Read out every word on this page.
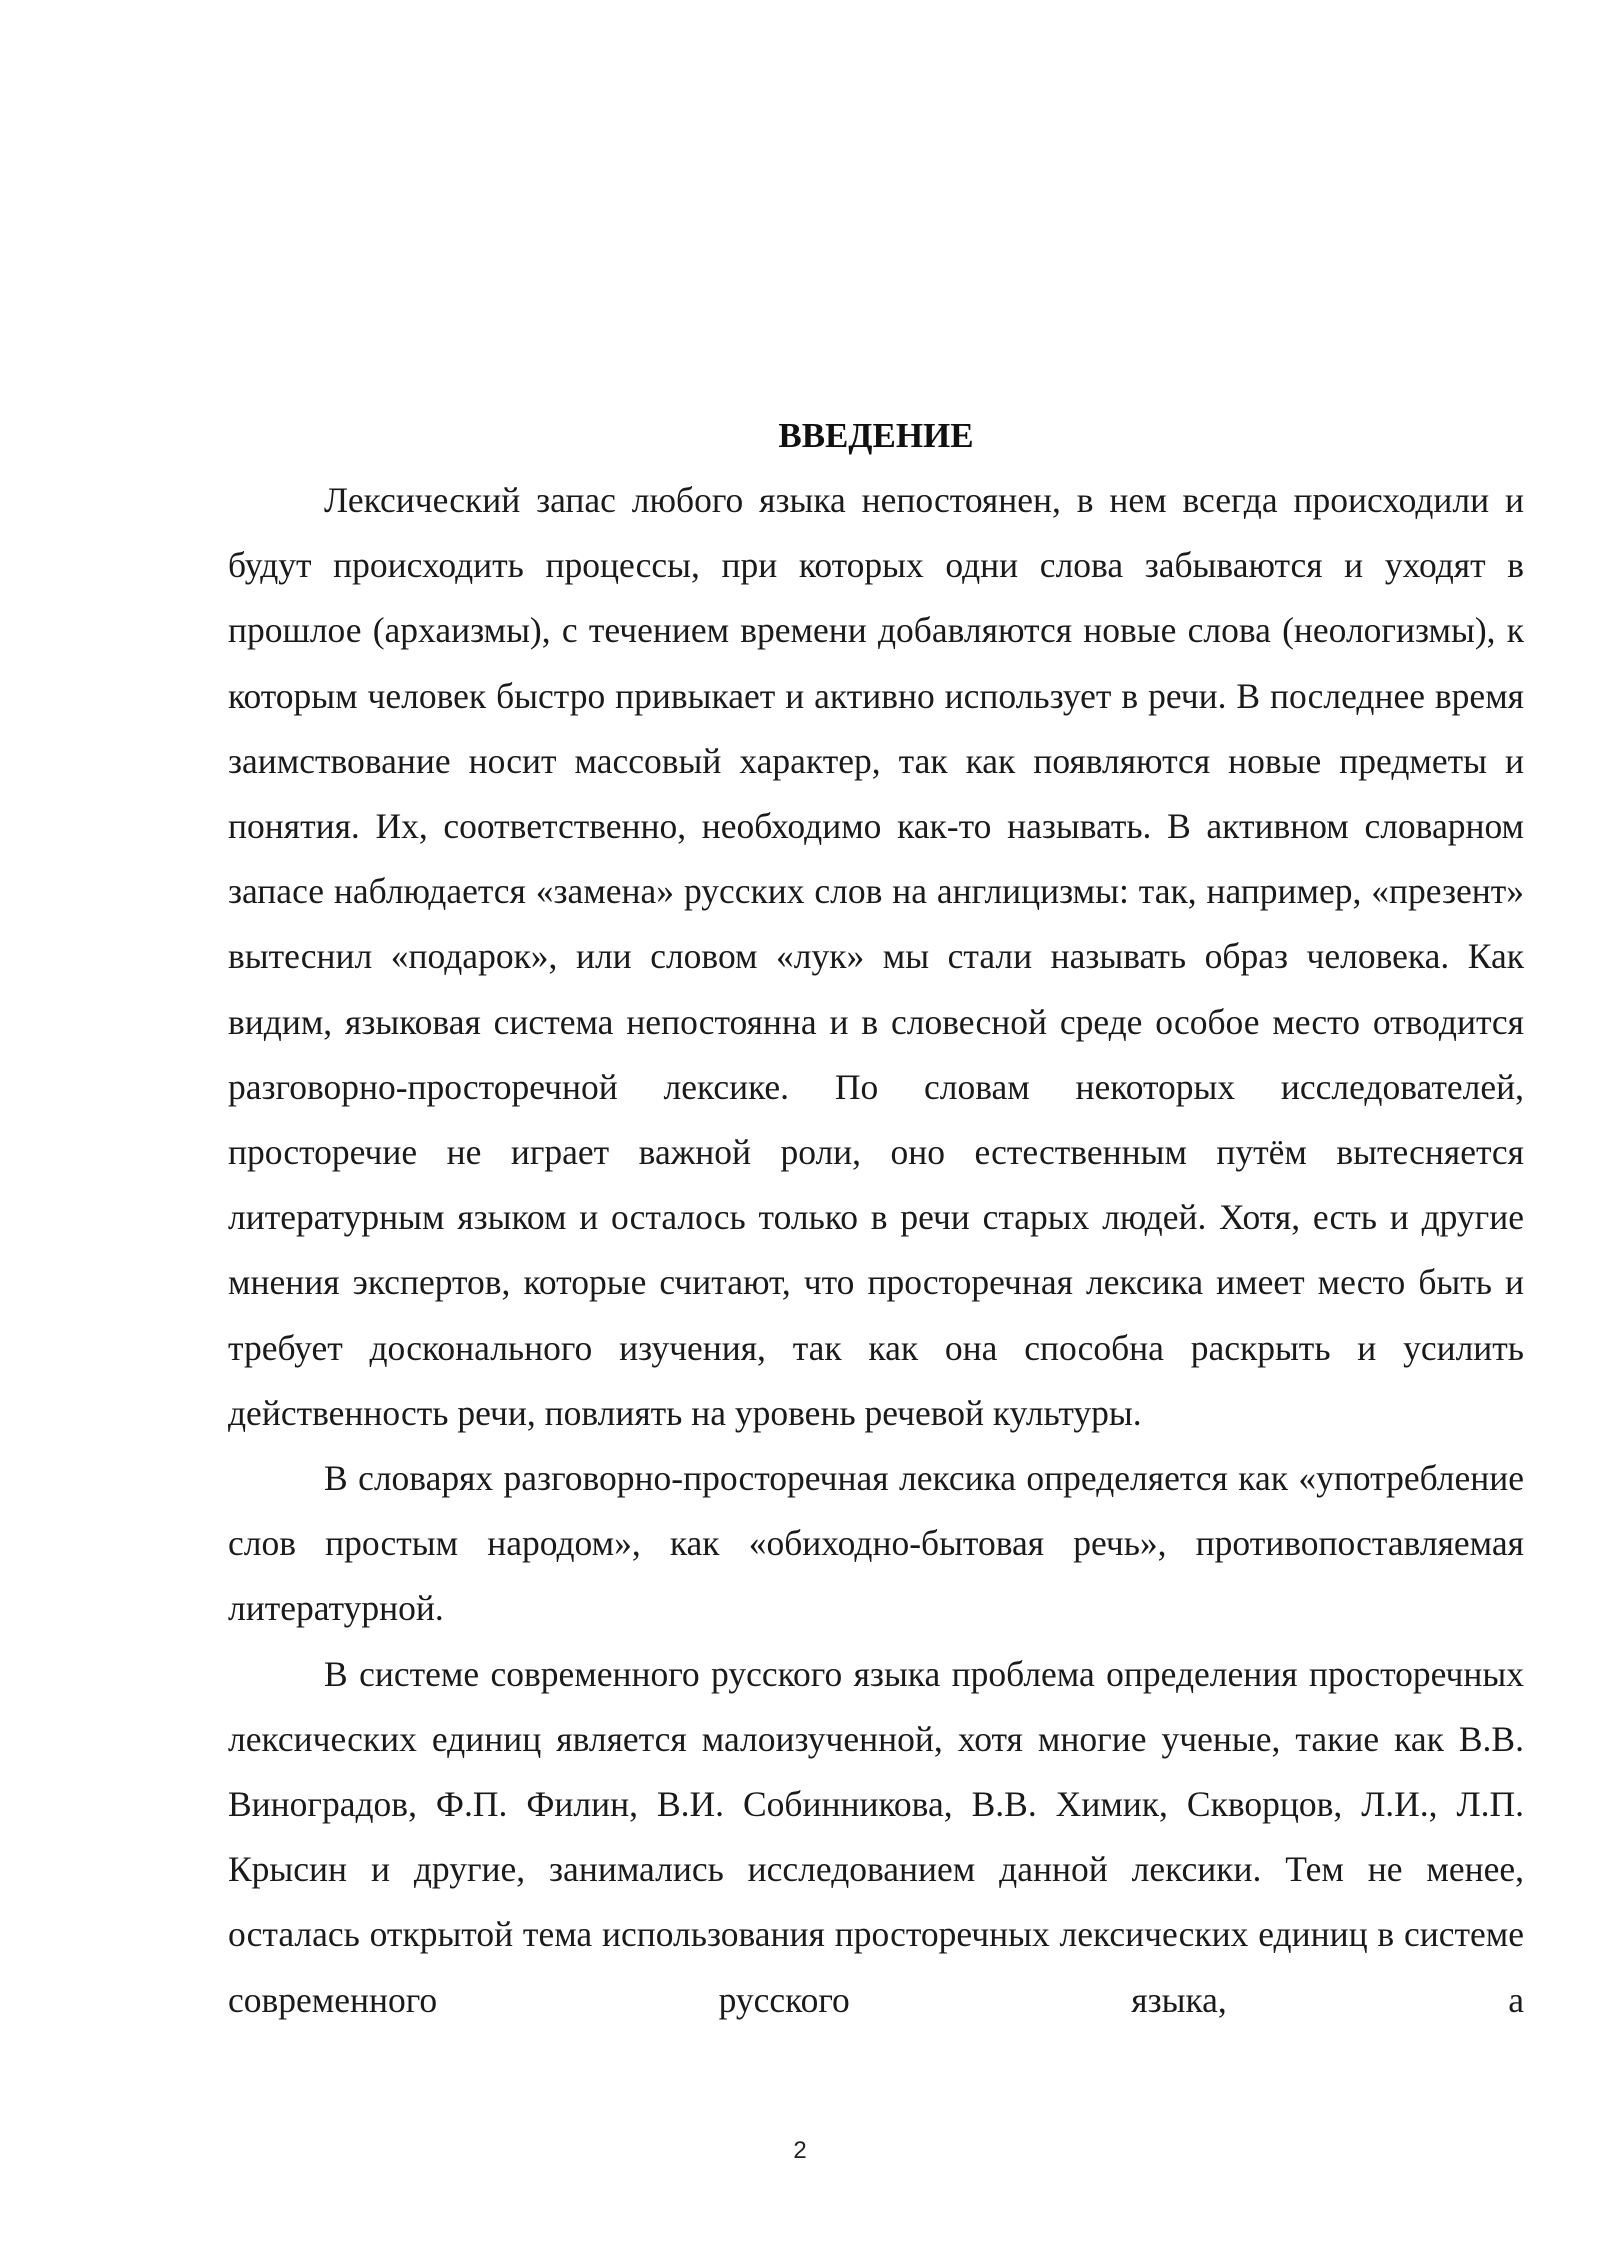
ВВЕДЕНИЕ

Лексический запас любого языка непостоянен, в нем всегда происходили и будут происходить процессы, при которых одни слова забываются и уходят в прошлое (архаизмы), с течением времени добавляются новые слова (неологизмы), к которым человек быстро привыкает и активно использует в речи. В последнее время заимствование носит массовый характер, так как появляются новые предметы и понятия. Их, соответственно, необходимо как-то называть. В активном словарном запасе наблюдается «замена» русских слов на англицизмы: так, например, «презент» вытеснил «подарок», или словом «лук» мы стали называть образ человека. Как видим, языковая система непостоянна и в словесной среде особое место отводится разговорно-просторечной лексике. По словам некоторых исследователей, просторечие не играет важной роли, оно естественным путём вытесняется литературным языком и осталось только в речи старых людей. Хотя, есть и другие мнения экспертов, которые считают, что просторечная лексика имеет место быть и требует досконального изучения, так как она способна раскрыть и усилить действенность речи, повлиять на уровень речевой культуры.

В словарях разговорно-просторечная лексика определяется как «употребление слов простым народом», как «обиходно-бытовая речь», противопоставляемая литературной.

В системе современного русского языка проблема определения просторечных лексических единиц является малоизученной, хотя многие ученые, такие как В.В. Виноградов, Ф.П. Филин, В.И. Собинникова, В.В. Химик, Скворцов, Л.И., Л.П. Крысин и другие, занимались исследованием данной лексики. Тем не менее, осталась открытой тема использования просторечных лексических единиц в системе современного русского языка, а

2
